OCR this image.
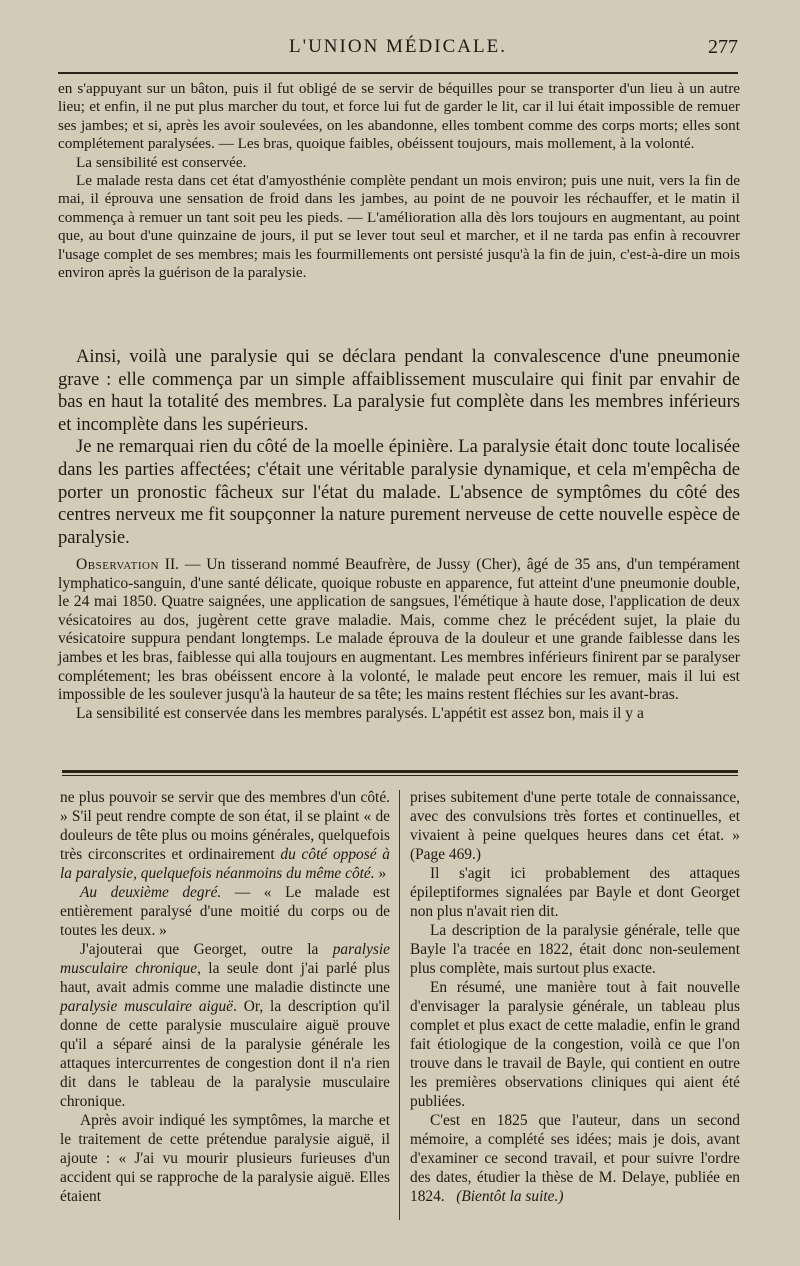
L'UNION MÉDICALE.	277

en s'appuyant sur un bâton, puis il fut obligé de se servir de béquilles pour se transporter d'un lieu à un autre lieu; et enfin, il ne put plus marcher du tout, et force lui fut de garder le lit, car il lui était impossible de remuer ses jambes; et si, après les avoir soulevées, on les abandonne, elles tombent comme des corps morts; elles sont complétement paralysées. — Les bras, quoique faibles, obéissent toujours, mais mollement, à la volonté.

La sensibilité est conservée.

Le malade resta dans cet état d'amyosthénie complète pendant un mois environ; puis une nuit, vers la fin de mai, il éprouva une sensation de froid dans les jambes, au point de ne pouvoir les réchauffer, et le matin il commença à remuer un tant soit peu les pieds. — L'amélioration alla dès lors toujours en augmentant, au point que, au bout d'une quinzaine de jours, il put se lever tout seul et marcher, et il ne tarda pas enfin à recouvrer l'usage complet de ses membres; mais les fourmillements ont persisté jusqu'à la fin de juin, c'est-à-dire un mois environ après la guérison de la paralysie.

Ainsi, voilà une paralysie qui se déclara pendant la convalescence d'une pneumonie grave : elle commença par un simple affaiblissement musculaire qui finit par envahir de bas en haut la totalité des membres. La paralysie fut complète dans les membres inférieurs et incomplète dans les supérieurs.

Je ne remarquai rien du côté de la moelle épinière. La paralysie était donc toute localisée dans les parties affectées; c'était une véritable paralysie dynamique, et cela m'empêcha de porter un pronostic fâcheux sur l'état du malade. L'absence de symptômes du côté des centres nerveux me fit soupçonner la nature purement nerveuse de cette nouvelle espèce de paralysie.

Observation II. — Un tisserand nommé Beaufrère, de Jussy (Cher), âgé de 35 ans, d'un tempérament lymphatico-sanguin, d'une santé délicate, quoique robuste en apparence, fut atteint d'une pneumonie double, le 24 mai 1850. Quatre saignées, une application de sangsues, l'émétique à haute dose, l'application de deux vésicatoires au dos, jugèrent cette grave maladie. Mais, comme chez le précédent sujet, la plaie du vésicatoire suppura pendant longtemps. Le malade éprouva de la douleur et une grande faiblesse dans les jambes et les bras, faiblesse qui alla toujours en augmentant. Les membres inférieurs finirent par se paralyser complétement; les bras obéissent encore à la volonté, le malade peut encore les remuer, mais il lui est impossible de les soulever jusqu'à la hauteur de sa tête; les mains restent fléchies sur les avant-bras.

La sensibilité est conservée dans les membres paralysés. L'appétit est assez bon, mais il y a

ne plus pouvoir se servir que des membres d'un côté. » S'il peut rendre compte de son état, il se plaint « de douleurs de tête plus ou moins générales, quelquefois très circonscrites et ordinairement du côté opposé à la paralysie, quelquefois néanmoins du même côté. »

Au deuxième degré. — « Le malade est entièrement paralysé d'une moitié du corps ou de toutes les deux. »

J'ajouterai que Georget, outre la paralysie musculaire chronique, la seule dont j'ai parlé plus haut, avait admis comme une maladie distincte une paralysie musculaire aiguë. Or, la description qu'il donne de cette paralysie musculaire aiguë prouve qu'il a séparé ainsi de la paralysie générale les attaques intercurrentes de congestion dont il n'a rien dit dans le tableau de la paralysie musculaire chronique.

Après avoir indiqué les symptômes, la marche et le traitement de cette prétendue paralysie aiguë, il ajoute : « J'ai vu mourir plusieurs furieuses d'un accident qui se rapproche de la paralysie aiguë. Elles étaient

prises subitement d'une perte totale de connaissance, avec des convulsions très fortes et continuelles, et vivaient à peine quelques heures dans cet état. » (Page 469.)

Il s'agit ici probablement des attaques épileptiformes signalées par Bayle et dont Georget non plus n'avait rien dit.

La description de la paralysie générale, telle que Bayle l'a tracée en 1822, était donc non-seulement plus complète, mais surtout plus exacte.

En résumé, une manière tout à fait nouvelle d'envisager la paralysie générale, un tableau plus complet et plus exact de cette maladie, enfin le grand fait étiologique de la congestion, voilà ce que l'on trouve dans le travail de Bayle, qui contient en outre les premières observations cliniques qui aient été publiées.

C'est en 1825 que l'auteur, dans un second mémoire, a complété ses idées; mais je dois, avant d'examiner ce second travail, et pour suivre l'ordre des dates, étudier la thèse de M. Delaye, publiée en 1824. (Bientôt la suite.)
